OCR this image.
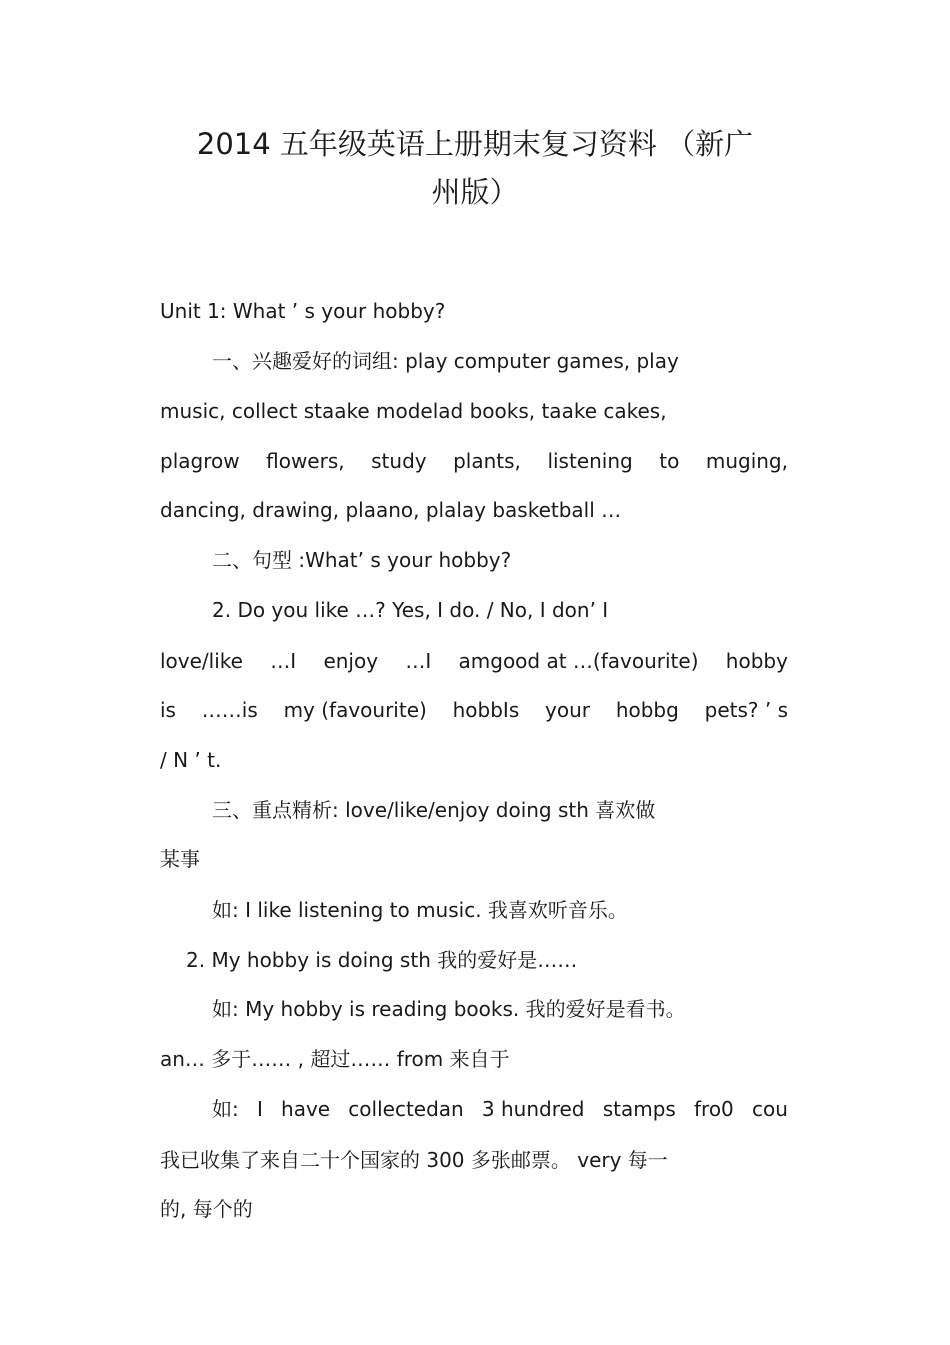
2014 五年级英语上册期末复习资料 （新广
州版）
Unit 1: What ’ s your hobby?
一、兴趣爱好的词组: play computer games, play
music, collect staake modelad books, taake cakes,
plagrow flowers, study plants, listening to muging,
dancing, drawing, plaano, plalay basketball …
二、句型 :What’ s your hobby?
2. Do you like …? Yes, I do. / No, I don’ I
love/like …I enjoy …I amgood at …(favourite) hobby
is ……is my (favourite) hobbIs your hobbg pets? ’ s
/ N ’ t.
三、重点精析: love/like/enjoy doing sth 喜欢做
某事
如: I like listening to music. 我喜欢听音乐。
2. My hobby is doing sth 我的爱好是……
如: My hobby is reading books. 我的爱好是看书。
an… 多于…… , 超过…… from 来自于
如: I have collectedan 3 hundred stamps fro0 cou
我已收集了来自二十个国家的 300 多张邮票。 very 每一
的, 每个的
